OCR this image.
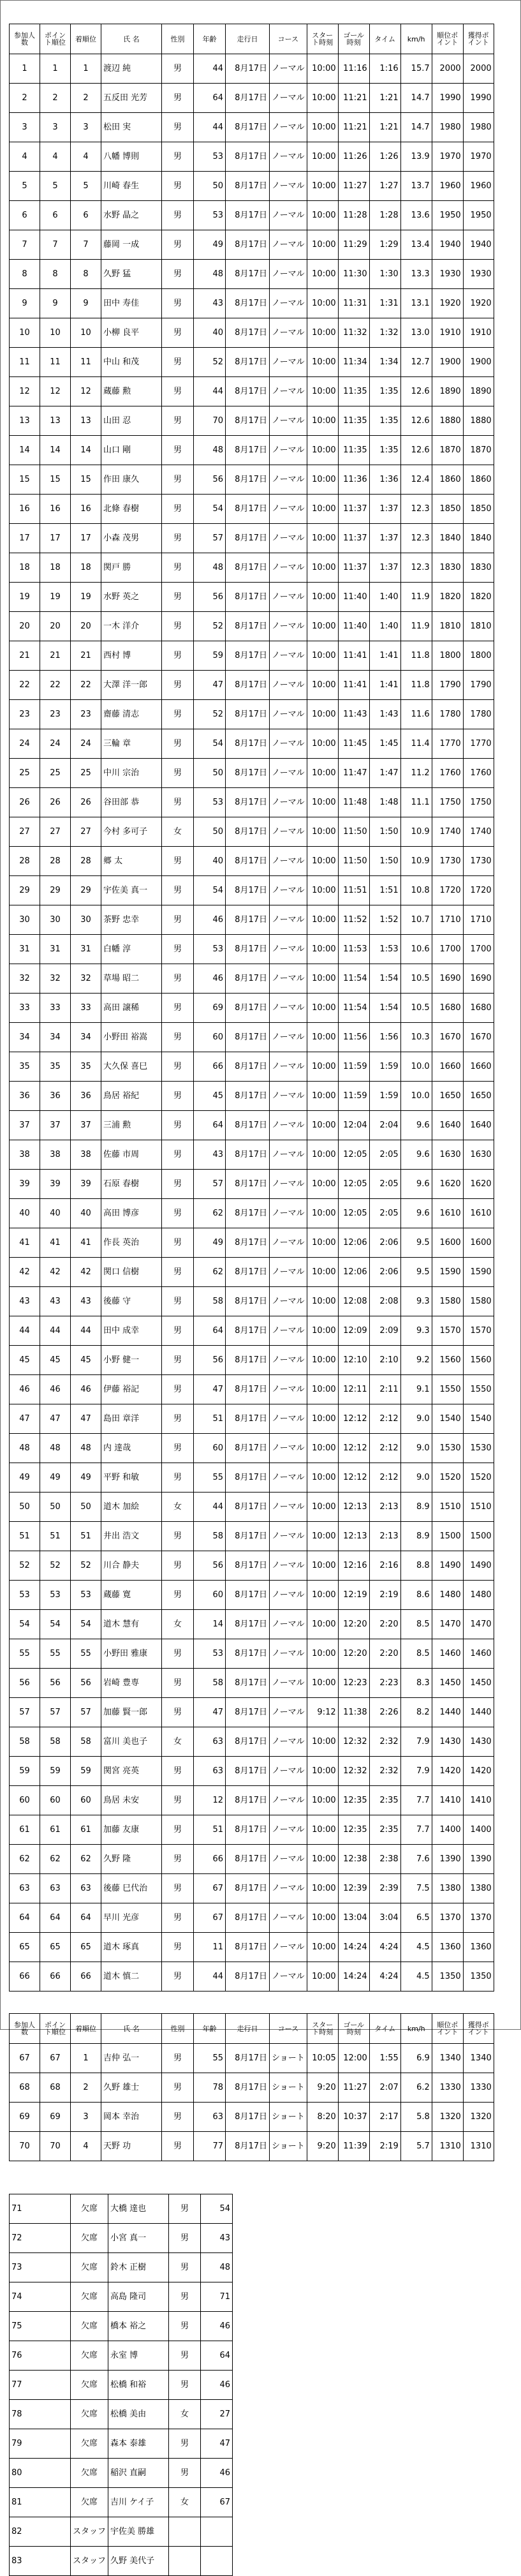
参加人数	ポイント順位	着順位	氏 名	性別	年齢	走行日	コース	スタート時刻	ゴール時刻	タイム	km/h	順位ポイント	獲得ポイント
1	1	1	渡辺 純	男	44	8月17日	ノーマル	10:00	11:16	1:16	15.7	2000	2000
2	2	2	五反田 光芳	男	64	8月17日	ノーマル	10:00	11:21	1:21	14.7	1990	1990
3	3	3	松田 実	男	44	8月17日	ノーマル	10:00	11:21	1:21	14.7	1980	1980
4	4	4	八幡 博則	男	53	8月17日	ノーマル	10:00	11:26	1:26	13.9	1970	1970
5	5	5	川崎 春生	男	50	8月17日	ノーマル	10:00	11:27	1:27	13.7	1960	1960
6	6	6	水野 晶之	男	53	8月17日	ノーマル	10:00	11:28	1:28	13.6	1950	1950
7	7	7	藤岡 一成	男	49	8月17日	ノーマル	10:00	11:29	1:29	13.4	1940	1940
8	8	8	久野 猛	男	48	8月17日	ノーマル	10:00	11:30	1:30	13.3	1930	1930
9	9	9	田中 寿佳	男	43	8月17日	ノーマル	10:00	11:31	1:31	13.1	1920	1920
10	10	10	小柳 良平	男	40	8月17日	ノーマル	10:00	11:32	1:32	13.0	1910	1910
11	11	11	中山 和茂	男	52	8月17日	ノーマル	10:00	11:34	1:34	12.7	1900	1900
12	12	12	蔵藤 勲	男	44	8月17日	ノーマル	10:00	11:35	1:35	12.6	1890	1890
13	13	13	山田 忍	男	70	8月17日	ノーマル	10:00	11:35	1:35	12.6	1880	1880
14	14	14	山口 剛	男	48	8月17日	ノーマル	10:00	11:35	1:35	12.6	1870	1870
15	15	15	作田 康久	男	56	8月17日	ノーマル	10:00	11:36	1:36	12.4	1860	1860
16	16	16	北條 春樹	男	54	8月17日	ノーマル	10:00	11:37	1:37	12.3	1850	1850
17	17	17	小森 茂男	男	57	8月17日	ノーマル	10:00	11:37	1:37	12.3	1840	1840
18	18	18	関戸 勝	男	48	8月17日	ノーマル	10:00	11:37	1:37	12.3	1830	1830
19	19	19	水野 英之	男	56	8月17日	ノーマル	10:00	11:40	1:40	11.9	1820	1820
20	20	20	一木 洋介	男	52	8月17日	ノーマル	10:00	11:40	1:40	11.9	1810	1810
21	21	21	西村 博	男	59	8月17日	ノーマル	10:00	11:41	1:41	11.8	1800	1800
22	22	22	大澤 洋一郎	男	47	8月17日	ノーマル	10:00	11:41	1:41	11.8	1790	1790
23	23	23	齋藤 清志	男	52	8月17日	ノーマル	10:00	11:43	1:43	11.6	1780	1780
24	24	24	三輪 章	男	54	8月17日	ノーマル	10:00	11:45	1:45	11.4	1770	1770
25	25	25	中川 宗治	男	50	8月17日	ノーマル	10:00	11:47	1:47	11.2	1760	1760
26	26	26	谷田部 恭	男	53	8月17日	ノーマル	10:00	11:48	1:48	11.1	1750	1750
27	27	27	今村 多可子	女	50	8月17日	ノーマル	10:00	11:50	1:50	10.9	1740	1740
28	28	28	郷 太	男	40	8月17日	ノーマル	10:00	11:50	1:50	10.9	1730	1730
29	29	29	宇佐美 真一	男	54	8月17日	ノーマル	10:00	11:51	1:51	10.8	1720	1720
30	30	30	茶野 忠幸	男	46	8月17日	ノーマル	10:00	11:52	1:52	10.7	1710	1710
31	31	31	白幡 淳	男	53	8月17日	ノーマル	10:00	11:53	1:53	10.6	1700	1700
32	32	32	草場 昭二	男	46	8月17日	ノーマル	10:00	11:54	1:54	10.5	1690	1690
33	33	33	高田 譲稀	男	69	8月17日	ノーマル	10:00	11:54	1:54	10.5	1680	1680
34	34	34	小野田 裕嵩	男	60	8月17日	ノーマル	10:00	11:56	1:56	10.3	1670	1670
35	35	35	大久保 喜巳	男	66	8月17日	ノーマル	10:00	11:59	1:59	10.0	1660	1660
36	36	36	鳥居 裕紀	男	45	8月17日	ノーマル	10:00	11:59	1:59	10.0	1650	1650
37	37	37	三浦 勲	男	64	8月17日	ノーマル	10:00	12:04	2:04	9.6	1640	1640
38	38	38	佐藤 市周	男	43	8月17日	ノーマル	10:00	12:05	2:05	9.6	1630	1630
39	39	39	石原 春樹	男	57	8月17日	ノーマル	10:00	12:05	2:05	9.6	1620	1620
40	40	40	高田 博彦	男	62	8月17日	ノーマル	10:00	12:05	2:05	9.6	1610	1610
41	41	41	作長 英治	男	49	8月17日	ノーマル	10:00	12:06	2:06	9.5	1600	1600
42	42	42	関口 信樹	男	62	8月17日	ノーマル	10:00	12:06	2:06	9.5	1590	1590
43	43	43	後藤 守	男	58	8月17日	ノーマル	10:00	12:08	2:08	9.3	1580	1580
44	44	44	田中 成幸	男	64	8月17日	ノーマル	10:00	12:09	2:09	9.3	1570	1570
45	45	45	小野 健一	男	56	8月17日	ノーマル	10:00	12:10	2:10	9.2	1560	1560
46	46	46	伊藤 裕記	男	47	8月17日	ノーマル	10:00	12:11	2:11	9.1	1550	1550
47	47	47	島田 章洋	男	51	8月17日	ノーマル	10:00	12:12	2:12	9.0	1540	1540
48	48	48	内 達哉	男	60	8月17日	ノーマル	10:00	12:12	2:12	9.0	1530	1530
49	49	49	平野 和敏	男	55	8月17日	ノーマル	10:00	12:12	2:12	9.0	1520	1520
50	50	50	道木 加絵	女	44	8月17日	ノーマル	10:00	12:13	2:13	8.9	1510	1510
51	51	51	井出 浩文	男	58	8月17日	ノーマル	10:00	12:13	2:13	8.9	1500	1500
52	52	52	川合 静夫	男	56	8月17日	ノーマル	10:00	12:16	2:16	8.8	1490	1490
53	53	53	蔵藤 寛	男	60	8月17日	ノーマル	10:00	12:19	2:19	8.6	1480	1480
54	54	54	道木 慧有	女	14	8月17日	ノーマル	10:00	12:20	2:20	8.5	1470	1470
55	55	55	小野田 雅康	男	53	8月17日	ノーマル	10:00	12:20	2:20	8.5	1460	1460
56	56	56	岩崎 豊専	男	58	8月17日	ノーマル	10:00	12:23	2:23	8.3	1450	1450
57	57	57	加藤 賢一郎	男	47	8月17日	ノーマル	9:12	11:38	2:26	8.2	1440	1440
58	58	58	富川 美也子	女	63	8月17日	ノーマル	10:00	12:32	2:32	7.9	1430	1430
59	59	59	関宮 亮英	男	63	8月17日	ノーマル	10:00	12:32	2:32	7.9	1420	1420
60	60	60	鳥居 未安	男	12	8月17日	ノーマル	10:00	12:35	2:35	7.7	1410	1410
61	61	61	加藤 友康	男	51	8月17日	ノーマル	10:00	12:35	2:35	7.7	1400	1400
62	62	62	久野 隆	男	66	8月17日	ノーマル	10:00	12:38	2:38	7.6	1390	1390
63	63	63	後藤 巳代治	男	67	8月17日	ノーマル	10:00	12:39	2:39	7.5	1380	1380
64	64	64	早川 光彦	男	67	8月17日	ノーマル	10:00	13:04	3:04	6.5	1370	1370
65	65	65	道木 琢真	男	11	8月17日	ノーマル	10:00	14:24	4:24	4.5	1360	1360
66	66	66	道木 慎二	男	44	8月17日	ノーマル	10:00	14:24	4:24	4.5	1350	1350
参加人数	ポイント順位	着順位	氏 名	性別	年齢	走行日	コース	スタート時刻	ゴール時刻	タイム	km/h	順位ポイント	獲得ポイント
67	67	1	吉仲 弘一	男	55	8月17日	ショート	10:05	12:00	1:55	6.9	1340	1340
68	68	2	久野 雄士	男	78	8月17日	ショート	9:20	11:27	2:07	6.2	1330	1330
69	69	3	岡本 幸治	男	63	8月17日	ショート	8:20	10:37	2:17	5.8	1320	1320
70	70	4	天野 功	男	77	8月17日	ショート	9:20	11:39	2:19	5.7	1310	1310
71	欠席	大橋 達也	男	54
72	欠席	小宮 真一	男	43
73	欠席	鈴木 正樹	男	48
74	欠席	高島 隆司	男	71
75	欠席	橋本 裕之	男	46
76	欠席	永室 博	男	64
77	欠席	松橋 和裕	男	46
78	欠席	松橋 美由	女	27
79	欠席	森本 泰雄	男	47
80	欠席	稲沢 直嗣	男	46
81	欠席	吉川 ケイ子	女	67
82	スタッフ	宇佐美 勝雄		
83	スタッフ	久野 美代子		
